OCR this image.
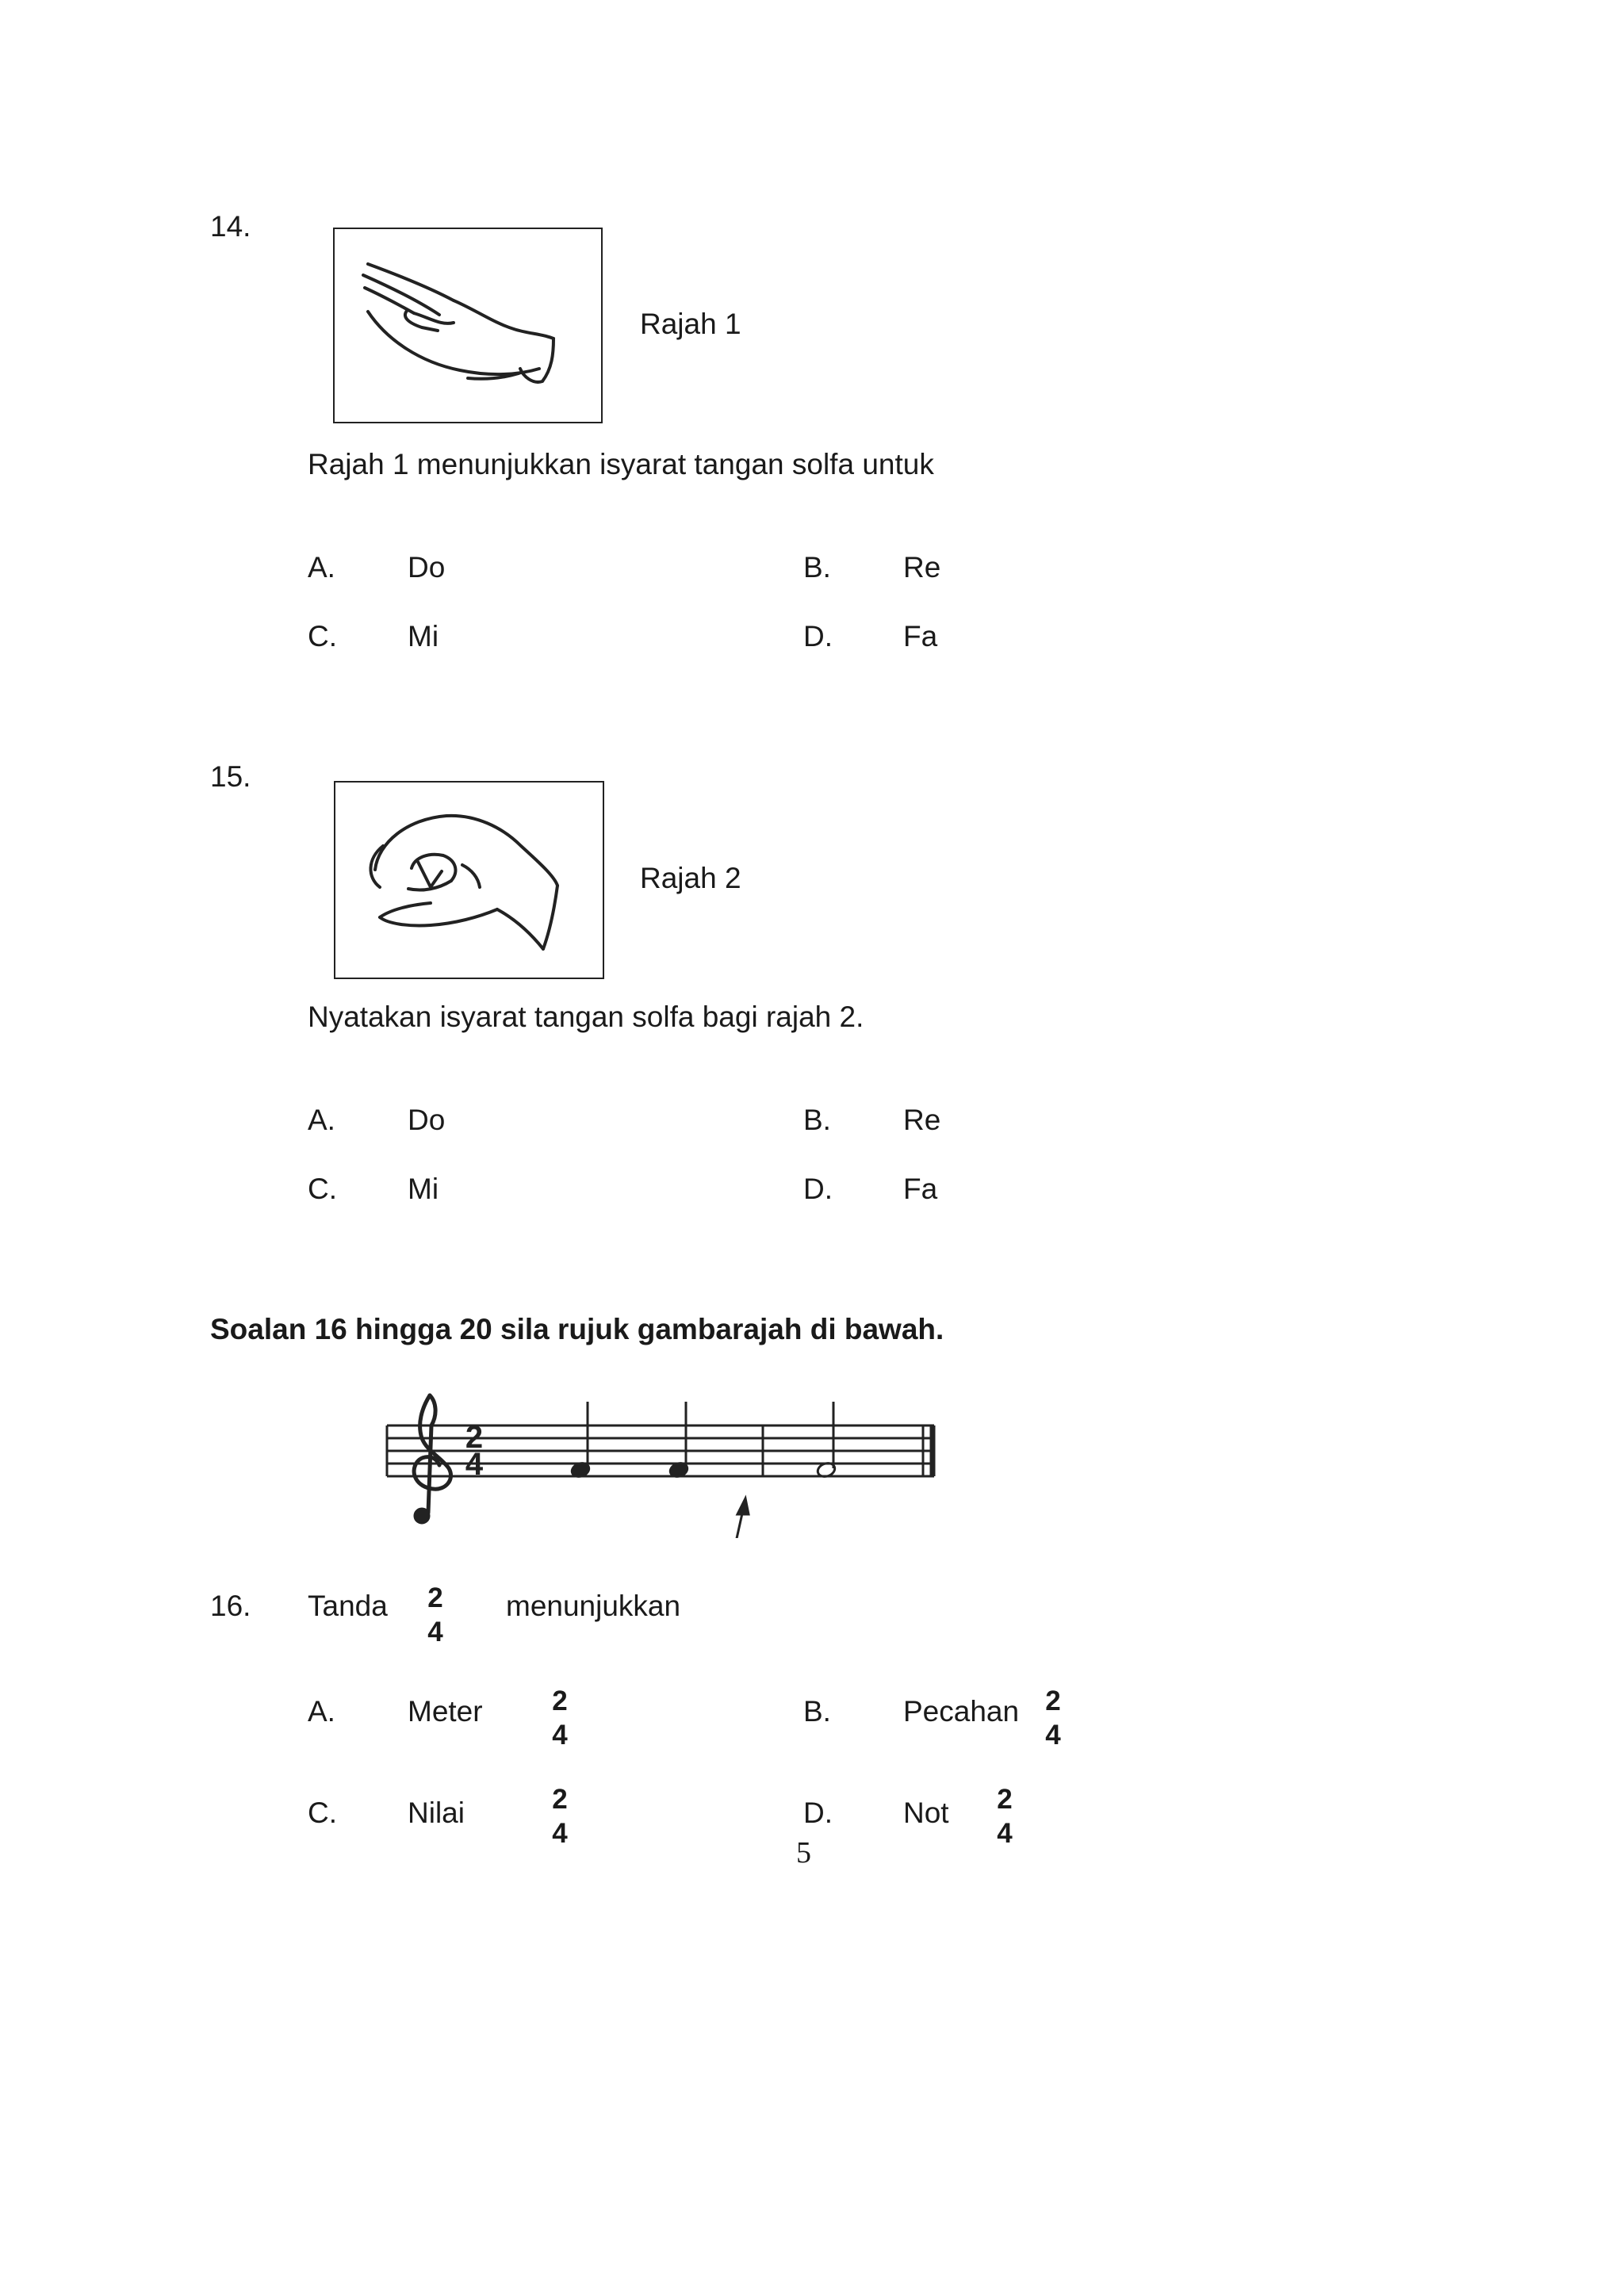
14.
Rajah 1
Rajah 1 menunjukkan isyarat tangan solfa untuk
A. Do	B. Re
C. Mi	D. Fa
15.
Rajah 2
Nyatakan isyarat tangan solfa bagi rajah 2.
A. Do	B. Re
C. Mi	D. Fa
Soalan 16 hingga 20 sila rujuk gambarajah di bawah.
2
4
16. Tanda 2
4
menunjukkan
A. Meter	2
4
B. Pecahan 2
4
C. Nilai	2
4
D. Not 2
4
5
